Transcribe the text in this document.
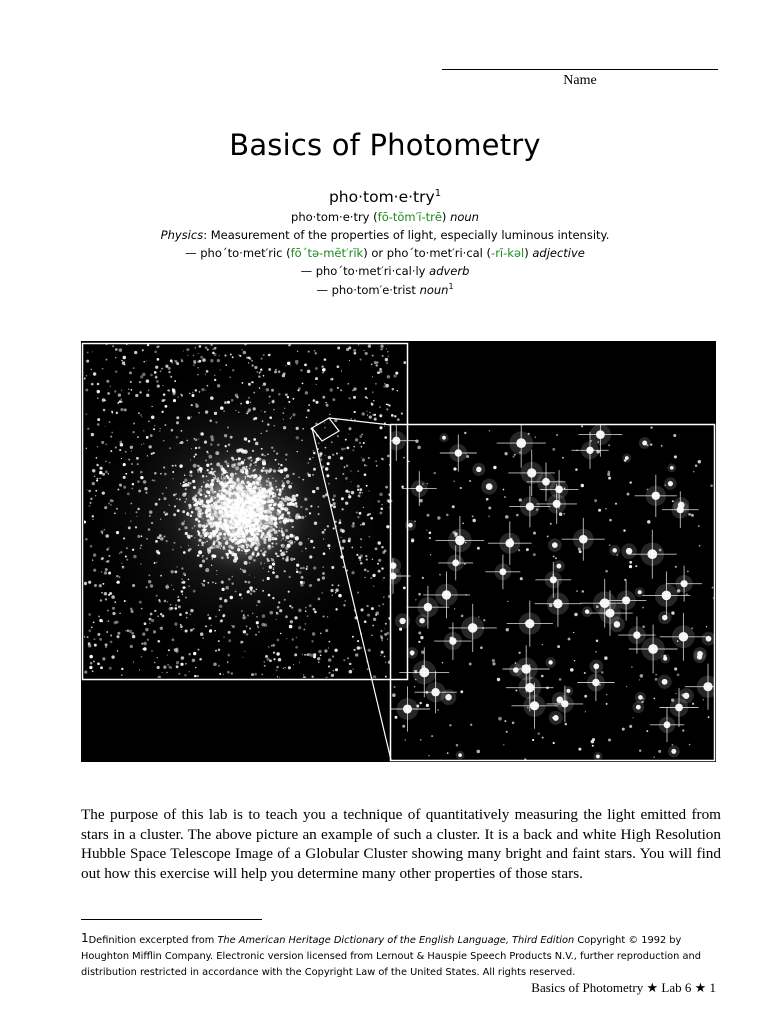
Name
Basics of Photometry
pho·tom·e·try$^1$
pho·tom·e·try (fō-tŏm′ĭ-trē) noun
Physics: Measurement of the properties of light, especially luminous intensity.
— pho´to·met′ric (fō´tə-mĕt′rĭk) or pho´to·met′ri·cal (-rĭ-kəl) adjective
— pho´to·met′ri·cal·ly adverb
— pho·tom′e·trist noun$^1$

The purpose of this lab is to teach you a technique of quantitatively measuring the light emitted from stars in a cluster. The above picture an example of such a cluster. It is a back and white High Resolution Hubble Space Telescope Image of a Globular Cluster showing many bright and faint stars. You will find out how this exercise will help you determine many other properties of those stars.

1Definition excerpted from The American Heritage Dictionary of the English Language, Third Edition Copyright © 1992 by Houghton Mifflin Company. Electronic version licensed from Lernout & Hauspie Speech Products N.V., further reproduction and distribution restricted in accordance with the Copyright Law of the United States. All rights reserved.

Basics of Photometry ★ Lab 6 ★ 1
